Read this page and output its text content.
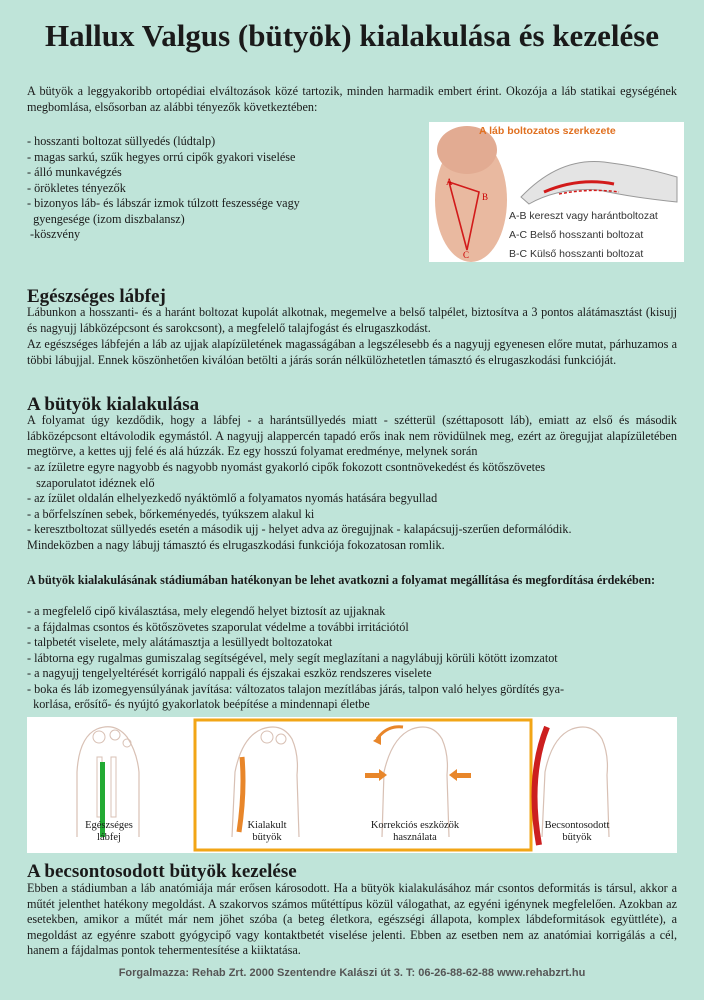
Hallux Valgus (bütyök) kialakulása és kezelése
A bütyök a leggyakoribb ortopédiai elváltozások közé tartozik, minden harmadik embert érint. Okozója a láb statikai egységének megbomlása, elsősorban az alábbi tényezők következtében:
- hosszanti boltozat süllyedés (lúdtalp)
- magas sarkú, szűk hegyes orrú cipők gyakori viselése
- álló munkavégzés
- örökletes tényezők
- bizonyos láb- és lábszár izmok túlzott feszessége vagy
gyengesége (izom diszbalansz)
-köszvény
A láb boltozatos szerkezete
A
B
C
A-B kereszt vagy harántboltozat
A-C Belső hosszanti boltozat
B-C Külső hosszanti boltozat
Egészséges lábfej
Lábunkon a hosszanti- és a haránt boltozat kupolát alkotnak, megemelve a belső talpélet, biztosítva a 3 pontos alátámasztást (kisujj és nagyujj lábközépcsont és sarokcsont), a megfelelő talajfogást és elrugaszkodást.
Az egészséges lábfején a láb az ujjak alapízületének magasságában a legszélesebb és a nagyujj egyenesen előre mutat, párhuzamos a többi lábujjal. Ennek köszönhetően kiválóan betölti a járás során nélkülözhetetlen támasztó és elrugaszkodási funkcióját.
A bütyök kialakulása
A folyamat úgy kezdődik, hogy a lábfej - a harántsüllyedés miatt - szétterül (széttaposott láb), emiatt az első és második lábközépcsont eltávolodik egymástól. A nagyujj alappercén tapadó erős inak nem rövidülnek meg, ezért az öregujjat alapízületében megtörve, a kettes ujj felé és alá húzzák. Ez egy hosszú folyamat eredménye, melynek során
- az ízületre egyre nagyobb és nagyobb nyomást gyakorló cipők fokozott csontnövekedést és kötőszövetes
szaporulatot idéznek elő
- az ízület oldalán elhelyezkedő nyáktömlő a folyamatos nyomás hatására begyullad
- a bőrfelszínen sebek, bőrkeményedés, tyúkszem alakul ki
- keresztboltozat süllyedés esetén a második ujj - helyet adva az öregujjnak - kalapácsujj-szerűen deformálódik.
Mindeközben a nagy lábujj támasztó és elrugaszkodási funkciója fokozatosan romlik.
A bütyök kialakulásának stádiumában hatékonyan be lehet avatkozni a folyamat megállítása és megfordítása érdekében:
- a megfelelő cipő kiválasztása, mely elegendő helyet biztosít az ujjaknak
- a fájdalmas csontos és kötőszövetes szaporulat védelme a további irritációtól
- talpbetét viselete, mely alátámasztja a lesüllyedt boltozatokat
- lábtorna egy rugalmas gumiszalag segítségével, mely segít meglazítani a nagylábujj körüli kötött izomzatot
- a nagyujj tengelyeltérését korrigáló nappali és éjszakai eszköz rendszeres viselete
- boka és láb izomegyensúlyának javítása: változatos talajon mezítlábas járás, talpon való helyes gördítés gya-
korlása, erősítő- és nyújtó gyakorlatok beépítése a mindennapi életbe
Egészséges
lábfej
Kialakult
bütyök
Korrekciós eszközök
használata
Becsontosodott
bütyök
A becsontosodott bütyök kezelése
Ebben a stádiumban a láb anatómiája már erősen károsodott. Ha a bütyök kialakulásához már csontos deformitás is társul, akkor a műtét jelenthet hatékony megoldást. A szakorvos számos műtéttípus közül válogathat, az egyéni igénynek megfelelően. Azokban az esetekben, amikor a műtét már nem jöhet szóba (a beteg életkora, egészségi állapota, komplex lábdeformitások együttléte), a megoldást az egyénre szabott gyógycipő vagy kontaktbetét viselése jelenti. Ebben az esetben nem az anatómiai korrigálás a cél, hanem a fájdalmas pontok tehermentesítése a kiiktatása.
Forgalmazza: Rehab Zrt. 2000 Szentendre Kalászi út 3. T: 06-26-88-62-88 www.rehabzrt.hu
